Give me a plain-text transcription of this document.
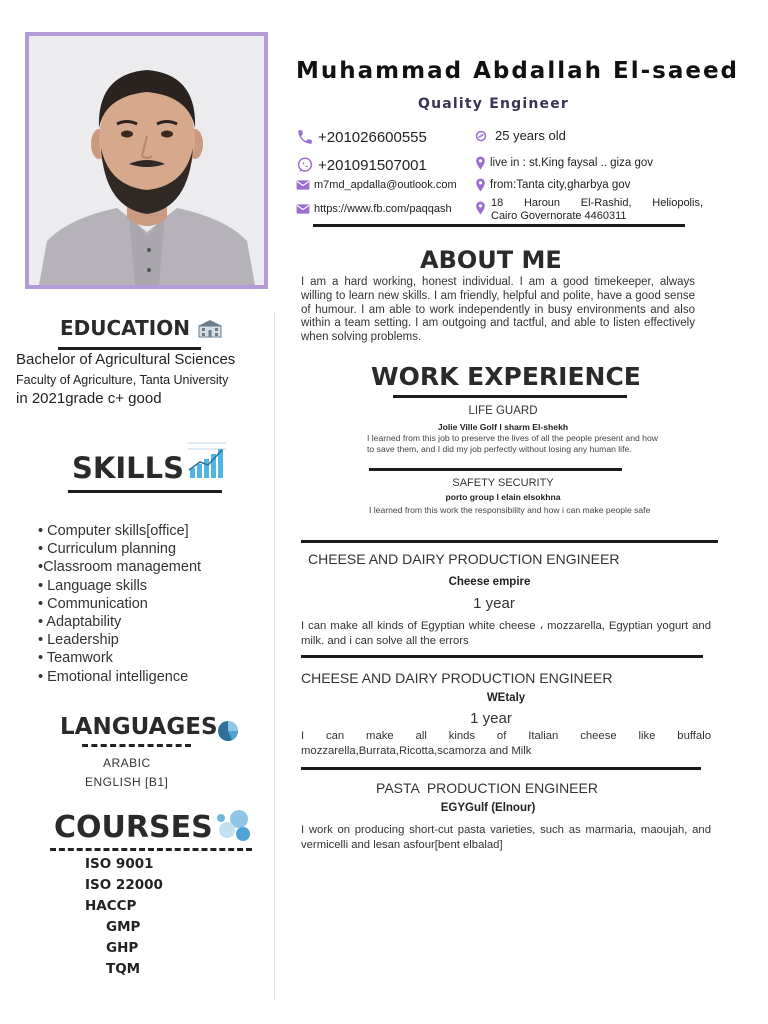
Muhammad Abdallah El-saeed
Quality Engineer
+201026600555
+201091507001
m7md_apdalla@outlook.com
https://www.fb.com/paqqash
25 years old
live in : st.King faysal .. giza gov
from:Tanta city,gharbya gov
18 Haroun El-Rashid, Heliopolis,
Cairo Governorate 4460311
ABOUT ME
I am a hard working, honest individual. I am a good timekeeper, always willing to learn new skills. I am friendly, helpful and polite, have a good sense of humour. I am able to work independently in busy environments and also within a team setting. I am outgoing and tactful, and able to listen effectively when solving problems.
EDUCATION
Bachelor of Agricultural Sciences
Faculty of Agriculture, Tanta University
in 2021grade c+ good
SKILLS
• Computer skills[office]
• Curriculum planning
•Classroom management
• Language skills
• Communication
• Adaptability
• Leadership
• Teamwork
• Emotional intelligence
LANGUAGES
ARABIC
ENGLISH [B1]
COURSES
ISO 9001
ISO 22000
HACCP
GMP
GHP
TQM
WORK EXPERIENCE
LIFE GUARD
Jolie Ville Golf l sharm El-shekh
I learned from this job to preserve the lives of all the people present and how to save them, and I did my job perfectly without losing any human life.
SAFETY SECURITY
porto group l elain elsokhna
I learned from this work the responsibility and how i can make people safe
CHEESE AND DAIRY PRODUCTION ENGINEER
Cheese empire
1 year
I can make all kinds of Egyptian white cheese ، mozzarella, Egyptian yogurt and milk. and i can solve all the errors
CHEESE AND DAIRY PRODUCTION ENGINEER
WEtaly
1 year
I can make all kinds of Italian cheese like buffalo mozzarella,Burrata,Ricotta,scamorza and Milk
PASTA  PRODUCTION ENGINEER
EGYGulf (Elnour)
I work on producing short-cut pasta varieties, such as marmaria, maoujah, and vermicelli and lesan asfour[bent elbalad]
